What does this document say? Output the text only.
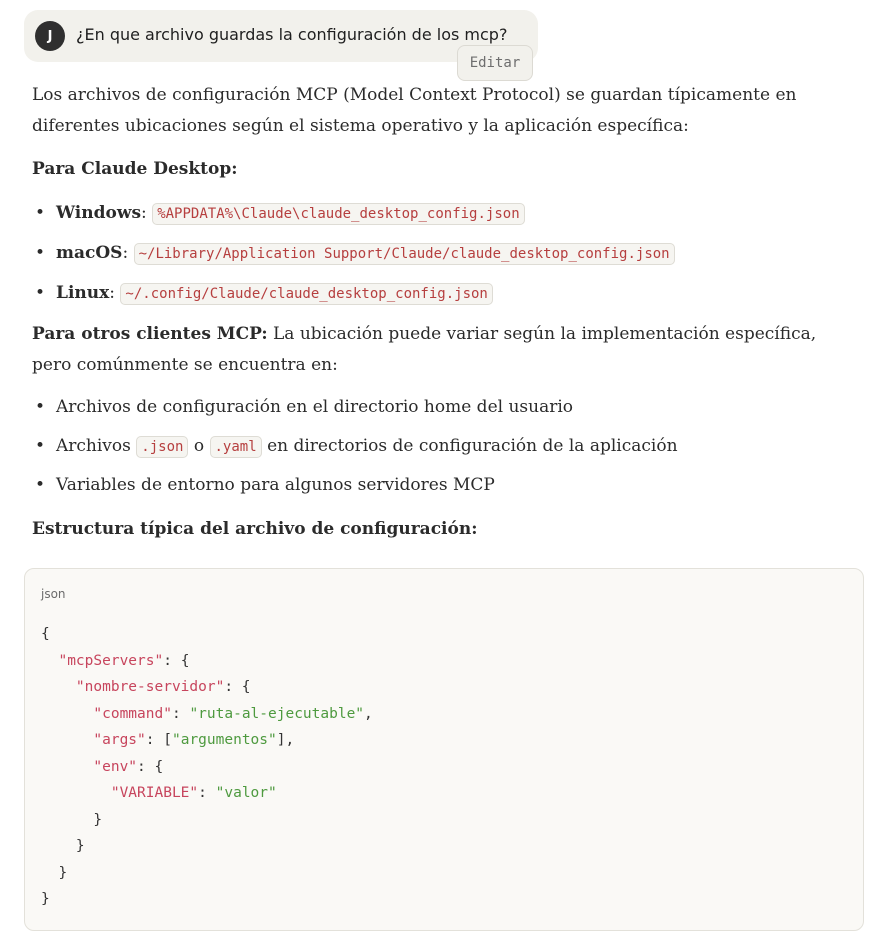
J	¿En que archivo guardas la configuración de los mcp?
Editar

Los archivos de configuración MCP (Model Context Protocol) se guardan típicamente en diferentes ubicaciones según el sistema operativo y la aplicación específica:

Para Claude Desktop:

• Windows: %APPDATA%\Claude\claude_desktop_config.json
• macOS: ~/Library/Application Support/Claude/claude_desktop_config.json
• Linux: ~/.config/Claude/claude_desktop_config.json

Para otros clientes MCP: La ubicación puede variar según la implementación específica, pero comúnmente se encuentra en:

• Archivos de configuración en el directorio home del usuario
• Archivos .json o .yaml en directorios de configuración de la aplicación
• Variables de entorno para algunos servidores MCP

Estructura típica del archivo de configuración:

json
{
"mcpServers": {
"nombre-servidor": {
"command": "ruta-al-ejecutable",
"args": ["argumentos"],
"env": {
"VARIABLE": "valor"
}
}
}
}
